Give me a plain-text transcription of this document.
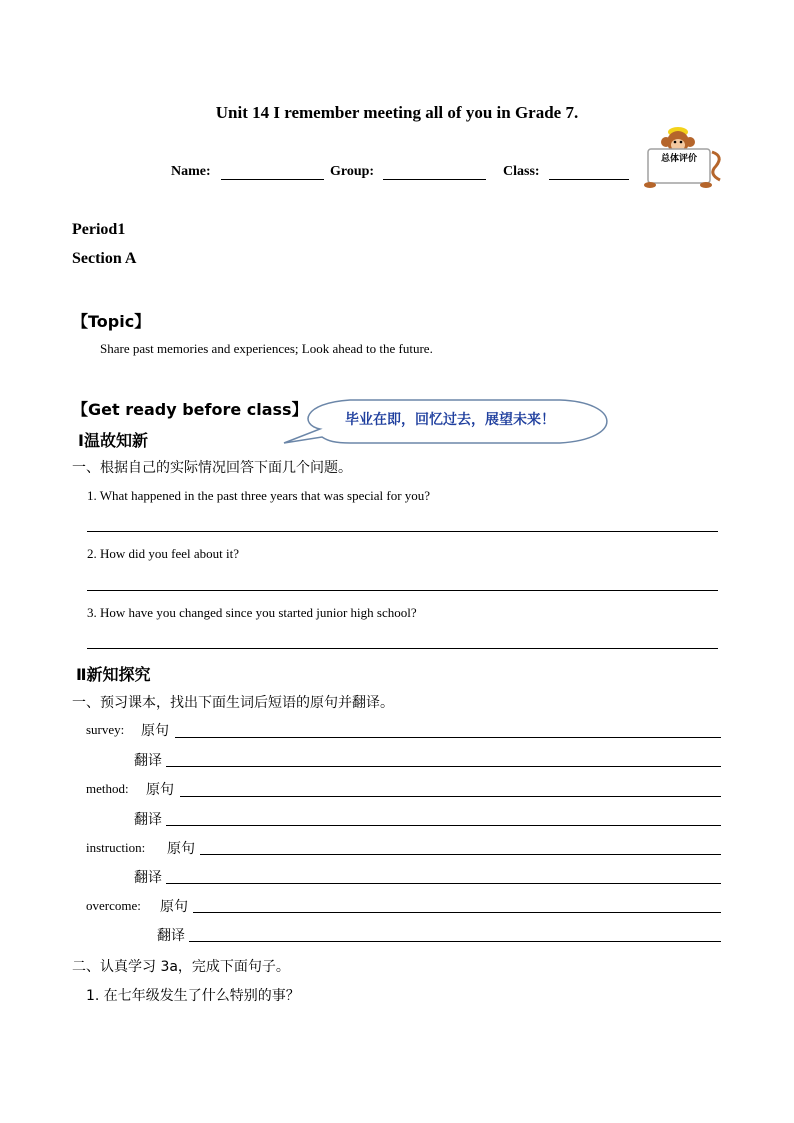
Unit 14 I remember meeting all of you in Grade 7.
Name:	Group:	Class:
总体评价
Period1
Section A
【Topic】
Share past memories and experiences; Look ahead to the future.
【Get ready before class】
毕业在即，回忆过去，展望未来！
Ⅰ温故知新
一、根据自己的实际情况回答下面几个问题。
1. What happened in the past three years that was special for you?
2. How did you feel about it?
3. How have you changed since you started junior high school?
Ⅱ新知探究
一、预习课本，找出下面生词后短语的原句并翻译。
survey: 原句
翻译
method: 原句
翻译
instruction: 原句
翻译
overcome: 原句
翻译
二、认真学习 3a，完成下面句子。
1. 在七年级发生了什么特别的事？
